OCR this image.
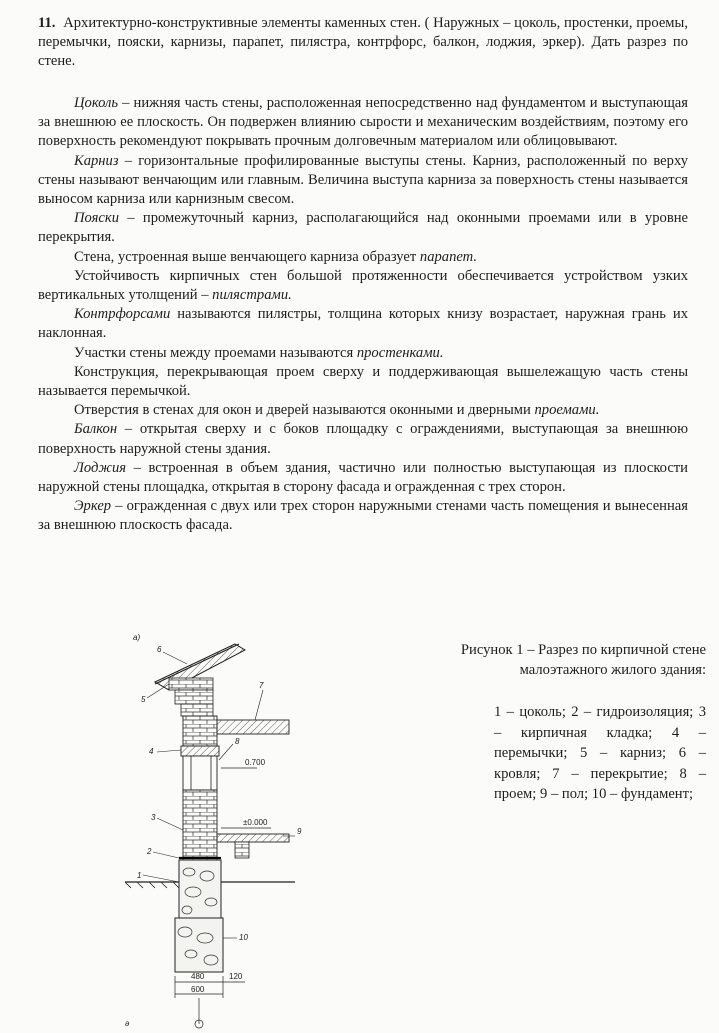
11. Архитектурно-конструктивные элементы каменных стен. ( Наружных – цоколь, простенки, проемы, перемычки, пояски, карнизы, парапет, пилястра, контрфорс, балкон, лоджия, эркер). Дать разрез по стене.

Цоколь – нижняя часть стены, расположенная непосредственно над фундаментом и выступающая за внешнюю ее плоскость. Он подвержен влиянию сырости и механическим воздействиям, поэтому его поверхность рекомендуют покрывать прочным долговечным материалом или облицовывают.

Карниз – горизонтальные профилированные выступы стены. Карниз, расположенный по верху стены называют венчающим или главным. Величина выступа карниза за поверхность стены называется выносом карниза или карнизным свесом.

Пояски – промежуточный карниз, располагающийся над оконными проемами или в уровне перекрытия.

Стена, устроенная выше венчающего карниза образует парапет.

Устойчивость кирпичных стен большой протяженности обеспечивается устройством узких вертикальных утолщений – пилястрами.

Контрфорсами называются пилястры, толщина которых книзу возрастает, наружная грань их наклонная.

Участки стены между проемами называются простенками.

Конструкция, перекрывающая проем сверху и поддерживающая вышележащую часть стены называется перемычкой.

Отверстия в стенах для окон и дверей называются оконными и дверными проемами.

Балкон – открытая сверху и с боков площадку с ограждениями, выступающая за внешнюю поверхность наружной стены здания.

Лоджия – встроенная в объем здания, частично или полностью выступающая из плоскости наружной стены площадка, открытая в сторону фасада и огражденная с трех сторон.

Эркер – огражденная с двух или трех сторон наружными стенами часть помещения и вынесенная за внешнюю плоскость фасада.

а)
480	120
600
ə
0.700
±0.000
1
2
3
4
5
6
7
8
9
10
Рисунок 1 – Разрез по кирпичной стене малоэтажного жилого здания:
1 – цоколь; 2 – гидроизоляция; 3 – кирпичная кладка; 4 – перемычки; 5 – карниз; 6 – кровля; 7 – перекрытие; 8 – проем; 9 – пол; 10 – фундамент;
